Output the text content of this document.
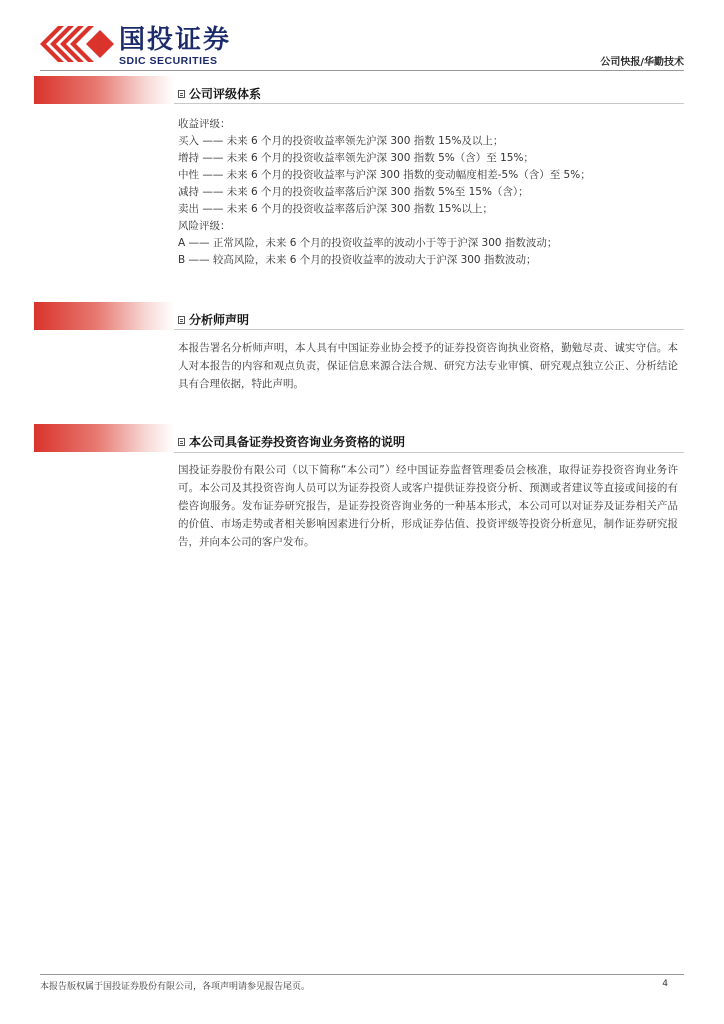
国投证券
SDIC SECURITIES	公司快报/华勤技术
公司评级体系
收益评级：
买入 —— 未来 6 个月的投资收益率领先沪深 300 指数 15%及以上；
增持 —— 未来 6 个月的投资收益率领先沪深 300 指数 5%（含）至 15%；
中性 —— 未来 6 个月的投资收益率与沪深 300 指数的变动幅度相差-5%（含）至 5%；
减持 —— 未来 6 个月的投资收益率落后沪深 300 指数 5%至 15%（含）；
卖出 —— 未来 6 个月的投资收益率落后沪深 300 指数 15%以上；
风险评级：
A —— 正常风险，未来 6 个月的投资收益率的波动小于等于沪深 300 指数波动；
B —— 较高风险，未来 6 个月的投资收益率的波动大于沪深 300 指数波动；
分析师声明
本报告署名分析师声明，本人具有中国证券业协会授予的证券投资咨询执业资格，勤勉尽责、诚实守信。本人对本报告的内容和观点负责，保证信息来源合法合规、研究方法专业审慎、研究观点独立公正、分析结论具有合理依据，特此声明。
本公司具备证券投资咨询业务资格的说明
国投证券股份有限公司（以下简称“本公司”）经中国证券监督管理委员会核准，取得证券投资咨询业务许可。本公司及其投资咨询人员可以为证券投资人或客户提供证券投资分析、预测或者建议等直接或间接的有偿咨询服务。发布证券研究报告，是证券投资咨询业务的一种基本形式，本公司可以对证券及证券相关产品的价值、市场走势或者相关影响因素进行分析，形成证券估值、投资评级等投资分析意见，制作证券研究报告，并向本公司的客户发布。
本报告版权属于国投证券股份有限公司，各项声明请参见报告尾页。	4
